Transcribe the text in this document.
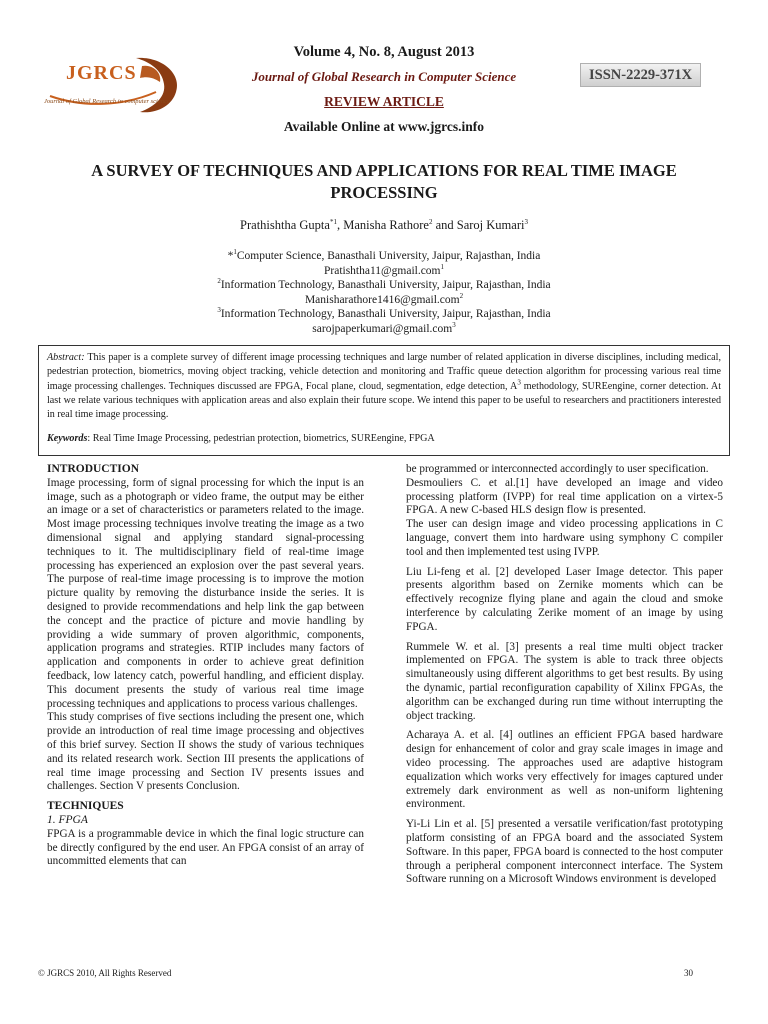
JGRCS
Journal of Global Research in computer science
Volume 4, No. 8, August 2013
Journal of Global Research in Computer Science	ISSN-2229-371X
REVIEW ARTICLE
Available Online at www.jgrcs.info
A SURVEY OF TECHNIQUES AND APPLICATIONS FOR REAL TIME IMAGE PROCESSING
Prathishtha Gupta$^{*1}$, Manisha Rathore$^2$ and Saroj Kumari$^3$
*$^1$Computer Science, Banasthali University, Jaipur, Rajasthan, India
Pratishtha11@gmail.com$^1$
$^2$Information Technology, Banasthali University, Jaipur, Rajasthan, India
Manisharathore1416@gmail.com$^2$
$^3$Information Technology, Banasthali University, Jaipur, Rajasthan, India
sarojpaperkumari@gmail.com$^3$
Abstract: This paper is a complete survey of different image processing techniques and large number of related application in diverse disciplines, including medical, pedestrian protection, biometrics, moving object tracking, vehicle detection and monitoring and Traffic queue detection algorithm for processing various real time image processing challenges. Techniques discussed are FPGA, Focal plane, cloud, segmentation, edge detection, $A^3$ methodology, SUREengine, corner detection. At last we relate various techniques with application areas and also explain their future scope. We intend this paper to be useful to researchers and practitioners interested in real time image processing.
Keywords: Real Time Image Processing, pedestrian protection, biometrics, SUREengine, FPGA

INTRODUCTION

Image processing, form of signal processing for which the input is an image, such as a photograph or video frame, the output may be either an image or a set of characteristics or parameters related to the image. Most image processing techniques involve treating the image as a two dimensional signal and applying standard signal-processing techniques to it. The multidisciplinary field of real-time image processing has experienced an explosion over the past several years. The purpose of real-time image processing is to improve the motion picture quality by removing the disturbance inside the series. It is designed to provide recommendations and help link the gap between the concept and the practice of picture and movie handling by providing a wide summary of proven algorithmic, components, application programs and strategies. RTIP includes many factors of application and components in order to achieve great definition feedback, low latency catch, powerful handling, and efficient display. This document presents the study of various real time image processing techniques and applications to process various challenges.

This study comprises of five sections including the present one, which provide an introduction of real time image processing and objectives of this brief survey. Section II shows the study of various techniques and its related research work. Section III presents the applications of real time image processing and Section IV presents issues and challenges. Section V presents Conclusion.

TECHNIQUES

1. FPGA

FPGA is a programmable device in which the final logic structure can be directly configured by the end user. An FPGA consist of an array of uncommitted elements that can

be programmed or interconnected accordingly to user specification.

Desmouliers C. et al.[1] have developed an image and video processing platform (IVPP) for real time application on a virtex-5 FPGA. A new C-based HLS design flow is presented.

The user can design image and video processing applications in C language, convert them into hardware using symphony C compiler tool and then implemented test using IVPP.

Liu Li-feng et al. [2] developed Laser Image detector. This paper presents algorithm based on Zernike moments which can be effectively recognize flying plane and again the cloud and smoke interference by calculating Zerike moment of an image by using FPGA.

Rummele W. et al. [3] presents a real time multi object tracker implemented on FPGA. The system is able to track three objects simultaneously using different algorithms to get best results. By using the dynamic, partial reconfiguration capability of Xilinx FPGAs, the algorithm can be exchanged during run time without interrupting the object tracking.

Acharaya A. et al. [4] outlines an efficient FPGA based hardware design for enhancement of color and gray scale images in image and video processing. The approaches used are adaptive histogram equalization which works very effectively for images captured under extremely dark environment as well as non-uniform lightening environment.

Yi-Li Lin et al. [5] presented a versatile verification/fast prototyping platform consisting of an FPGA board and the associated System Software. In this paper, FPGA board is connected to the host computer through a peripheral component interconnect interface. The System Software running on a Microsoft Windows environment is developed

© JGRCS 2010, All Rights Reserved	30
